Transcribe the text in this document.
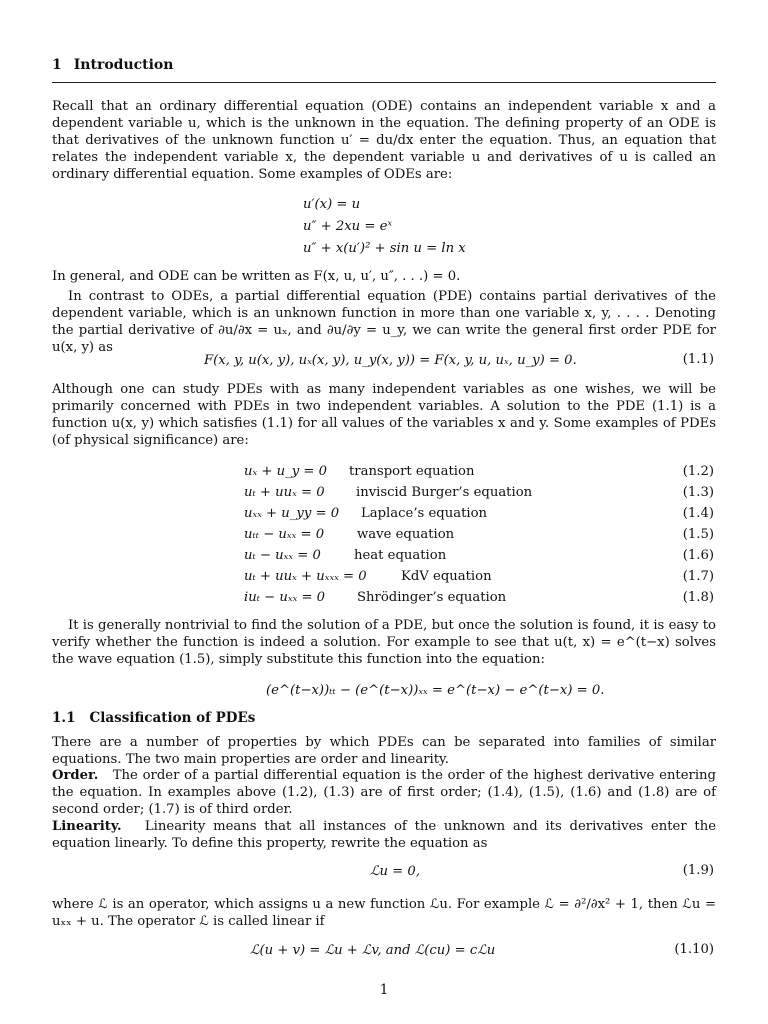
1 Introduction

Recall that an ordinary differential equation (ODE) contains an independent variable x and a dependent variable u, which is the unknown in the equation. The defining property of an ODE is that derivatives of the unknown function u′ = du/dx enter the equation. Thus, an equation that relates the independent variable x, the dependent variable u and derivatives of u is called an ordinary differential equation. Some examples of ODEs are:

u′(x) = u
u″ + 2xu = eˣ
u″ + x(u′)² + sin u = ln x

In general, and ODE can be written as F(x, u, u′, u″, . . .) = 0.

In contrast to ODEs, a partial differential equation (PDE) contains partial derivatives of the dependent variable, which is an unknown function in more than one variable x, y, . . . . Denoting the partial derivative of ∂u/∂x = uₓ, and ∂u/∂y = u_y, we can write the general first order PDE for u(x, y) as

F(x, y, u(x, y), uₓ(x, y), u_y(x, y)) = F(x, y, u, uₓ, u_y) = 0.	(1.1)

Although one can study PDEs with as many independent variables as one wishes, we will be primarily concerned with PDEs in two independent variables. A solution to the PDE (1.1) is a function u(x, y) which satisfies (1.1) for all values of the variables x and y. Some examples of PDEs (of physical significance) are:

uₓ + u_y = 0 transport equation	(1.2)
uₜ + uuₓ = 0 inviscid Burger’s equation	(1.3)
uₓₓ + u_yy = 0 Laplace’s equation	(1.4)
uₜₜ − uₓₓ = 0 wave equation	(1.5)
uₜ − uₓₓ = 0	heat equation	(1.6)
uₜ + uuₓ + uₓₓₓ = 0	KdV equation	(1.7)
iuₜ − uₓₓ = 0 Shrödinger’s equation	(1.8)

It is generally nontrivial to find the solution of a PDE, but once the solution is found, it is easy to verify whether the function is indeed a solution. For example to see that u(t, x) = e^(t−x) solves the wave equation (1.5), simply substitute this function into the equation:

(e^(t−x))ₜₜ − (e^(t−x))ₓₓ = e^(t−x) − e^(t−x) = 0.
1.1 Classification of PDEs

There are a number of properties by which PDEs can be separated into families of similar equations. The two main properties are order and linearity.

Order. The order of a partial differential equation is the order of the highest derivative entering the equation. In examples above (1.2), (1.3) are of first order; (1.4), (1.5), (1.6) and (1.8) are of second order; (1.7) is of third order.

Linearity. Linearity means that all instances of the unknown and its derivatives enter the equation linearly. To define this property, rewrite the equation as

ℒu = 0,	(1.9)

where ℒ is an operator, which assigns u a new function ℒu. For example ℒ = ∂²/∂x² + 1, then ℒu = uₓₓ + u. The operator ℒ is called linear if

ℒ(u + v) = ℒu + ℒv, and ℒ(cu) = cℒu	(1.10)
1
